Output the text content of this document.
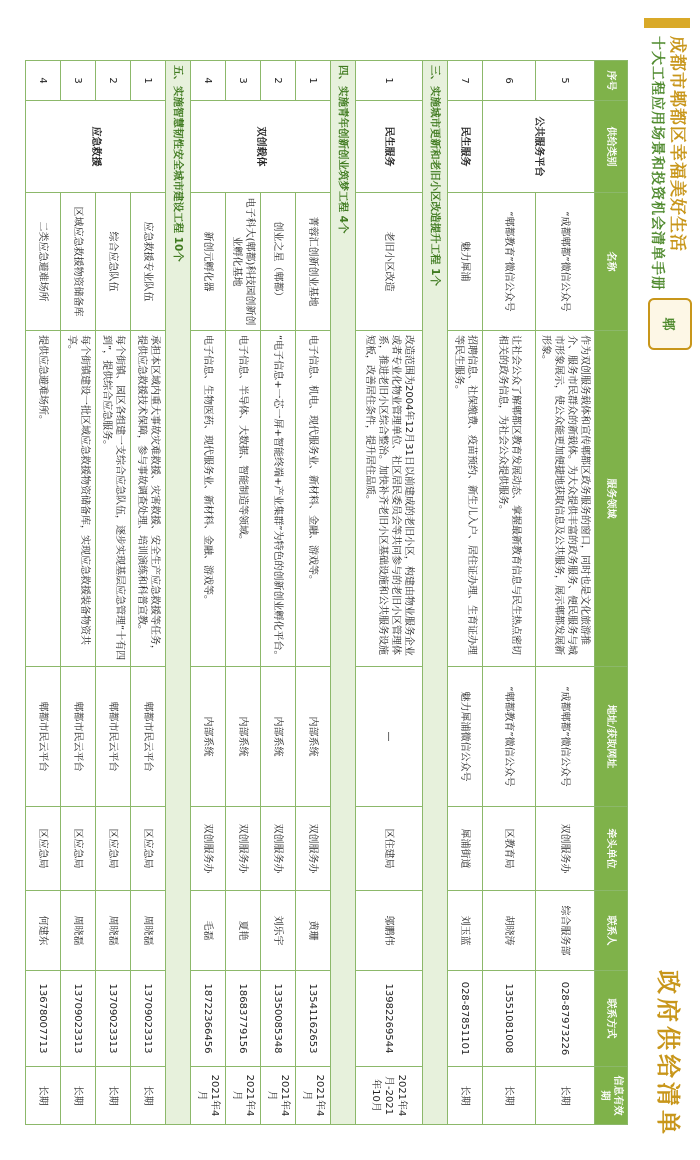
成都市郫都区幸福美好生活
十大工程应用场景和投资机会清单手册
郫
政府供给清单
序号	供给类别	名称	服务领域	地址/获取网址	牵头单位	联系人	联系方式	信息有效期
5	公共服务平台	“成都郫都”微信公众号	作为双创服务载体和宣传郫都区政务服务的窗口，同时也是文化旅游推介、服务市民群众的新载体。为大众提供丰富的政务服务、便民服务与城市形象展示，使公众能更加便捷地获取信息及公共服务，展示郫都发展新形象。	“成都郫都”微信公众号	双创服务办	综合服务部	028-87973226	长期
6		“郫都教育”微信公众号	让社会公众了解郫都区教育发展动态、掌握最新教育信息与民生热点密切相关的政务信息，为社会公众提供服务。	“郫都教育”微信公众号	区教育局	胡晓涛	13551081008	长期
7	民生服务	魅力犀浦	招聘信息、社保缴费、疫苗预约、新生儿入户、居住证办理、生育证办理等民生服务。	魅力犀浦微信公众号	犀浦街道	刘玉蓝	028-87851101	长期
三、实施城市更新和老旧小区改造提升工程 1个								
1	民生服务	老旧小区改造	改造范围为2004年12月31日以前建成的老旧小区，构建由物业服务企业或者专业化物业管理单位、社区居民委员会等共同参与的老旧小区管理体系，推进老旧小区综合整治。加快补齐老旧小区基础设施和公共服务设施短板，改善居住条件，提升居住品质。	—	区住建局	邬鹏伟	13982269544	2021年4月-2021年10月
四、实施青年创新创业筑梦工程 4个								
1	双创载体	菁蓉汇创新创业基地	电子信息、机电、现代服务业、新材料、金融、游戏等。	内部系统	双创服务办	黄珊	13541162653	2021年4月
2		创业之星（郫都）	“电子信息+一芯一屏+智能终端+产业集群”为特色的创新创业孵化平台。	内部系统	双创服务办	刘乐宇	13350085348	2021年4月
3		电子科大(郫都)科技园创新创业孵化基地	电子信息、半导体、大数据、智能制造等领域。	内部系统	双创服务办	夏艳	18683779156	2021年4月
4		新创元孵化器	电子信息、生物医药、现代服务业、新材料、金融、游戏等。	内部系统	双创服务办	毛磊	18722366456	2021年4月
五、实施智慧韧性安全城市建设工程 10个								
1	应急救援	应急救援专业队伍	承担本区域内重大事故灾难救援、灾害救援、安全生产应急救援等任务，提供应急救援技术保障，参与事故调查处理、培训演练和科普宣教。	郫都市民云平台	区应急局	周晓磊	13709023313	长期
2		综合应急队伍	每个街镇、园区各组建一支综合应急队伍，逐步实现基层应急管理“十有四到”，提供综合应急服务。	郫都市民云平台	区应急局	周晓磊	13709023313	长期
3		区域应急救援物资储备库	每个街镇建设一批区域应急救援物资储备库，实现应急救援装备物资共享。	郫都市民云平台	区应急局	周晓磊	13709023313	长期
4		二类应急避难场所	提供应急避难场所。	郫都市民云平台	区应急局	何建东	13678007713	长期
